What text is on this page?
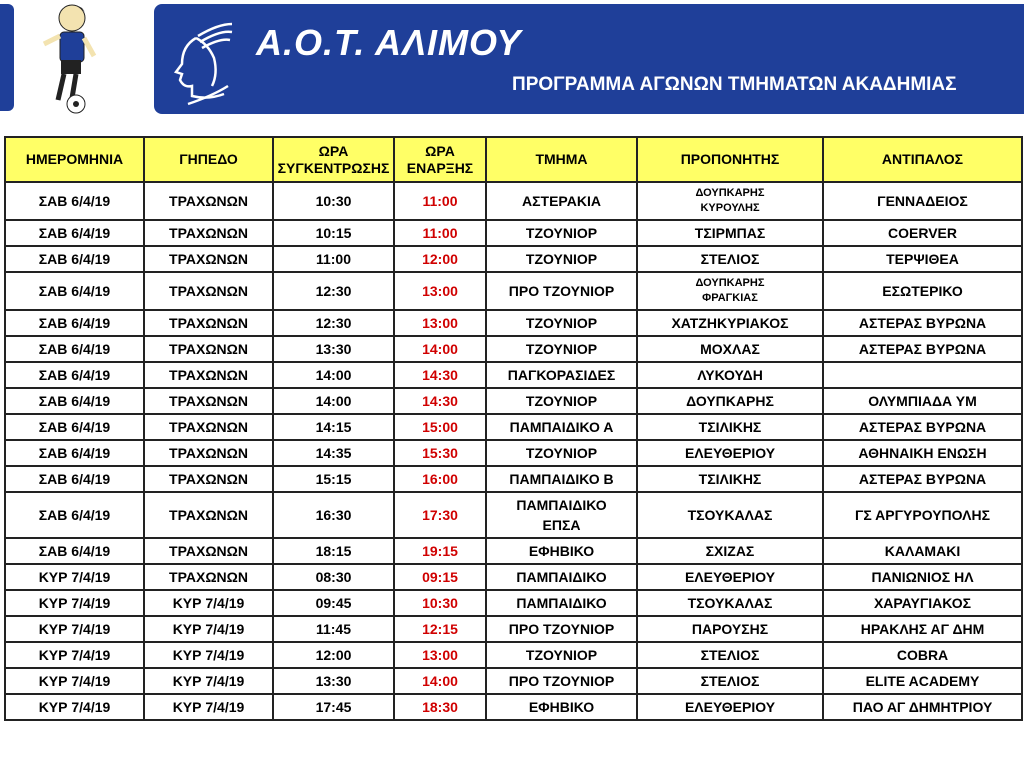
Α.Ο.Τ. ΑΛΙΜΟΥ
ΠΡΟΓΡΑΜΜΑ ΑΓΩΝΩΝ ΤΜΗΜΑΤΩΝ ΑΚΑΔΗΜΙΑΣ
ΗΜΕΡΟΜΗΝΙΑ	ΓΗΠΕΔΟ	ΩΡΑ ΣΥΓΚΕΝΤΡΩΣΗΣ	ΩΡΑ ΕΝΑΡΞΗΣ	ΤΜΗΜΑ	ΠΡΟΠΟΝΗΤΗΣ	ΑΝΤΙΠΑΛΟΣ
ΣΑΒ 6/4/19	ΤΡΑΧΩΝΩΝ	10:30	11:00	ΑΣΤΕΡΑΚΙΑ	ΔΟΥΠΚΑΡΗΣ ΚΥΡΟΥΛΗΣ	ΓΕΝΝΑΔΕΙΟΣ
ΣΑΒ 6/4/19	ΤΡΑΧΩΝΩΝ	10:15	11:00	ΤΖΟΥΝΙΟΡ	ΤΣΙΡΜΠΑΣ	COERVER
ΣΑΒ 6/4/19	ΤΡΑΧΩΝΩΝ	11:00	12:00	ΤΖΟΥΝΙΟΡ	ΣΤΕΛΙΟΣ	ΤΕΡΨΙΘΕΑ
ΣΑΒ 6/4/19	ΤΡΑΧΩΝΩΝ	12:30	13:00	ΠΡΟ ΤΖΟΥΝΙΟΡ	ΔΟΥΠΚΑΡΗΣ ΦΡΑΓΚΙΑΣ	ΕΣΩΤΕΡΙΚΟ
ΣΑΒ 6/4/19	ΤΡΑΧΩΝΩΝ	12:30	13:00	ΤΖΟΥΝΙΟΡ	ΧΑΤΖΗΚΥΡΙΑΚΟΣ	ΑΣΤΕΡΑΣ ΒΥΡΩΝΑ
ΣΑΒ 6/4/19	ΤΡΑΧΩΝΩΝ	13:30	14:00	ΤΖΟΥΝΙΟΡ	ΜΟΧΛΑΣ	ΑΣΤΕΡΑΣ ΒΥΡΩΝΑ
ΣΑΒ 6/4/19	ΤΡΑΧΩΝΩΝ	14:00	14:30	ΠΑΓΚΟΡΑΣΙΔΕΣ	ΛΥΚΟΥΔΗ	
ΣΑΒ 6/4/19	ΤΡΑΧΩΝΩΝ	14:00	14:30	ΤΖΟΥΝΙΟΡ	ΔΟΥΠΚΑΡΗΣ	ΟΛΥΜΠΙΑΔΑ ΥΜ
ΣΑΒ 6/4/19	ΤΡΑΧΩΝΩΝ	14:15	15:00	ΠΑΜΠΑΙΔΙΚΟ Α	ΤΣΙΛΙΚΗΣ	ΑΣΤΕΡΑΣ ΒΥΡΩΝΑ
ΣΑΒ 6/4/19	ΤΡΑΧΩΝΩΝ	14:35	15:30	ΤΖΟΥΝΙΟΡ	ΕΛΕΥΘΕΡΙΟΥ	ΑΘΗΝΑΙΚΗ ΕΝΩΣΗ
ΣΑΒ 6/4/19	ΤΡΑΧΩΝΩΝ	15:15	16:00	ΠΑΜΠΑΙΔΙΚΟ Β	ΤΣΙΛΙΚΗΣ	ΑΣΤΕΡΑΣ ΒΥΡΩΝΑ
ΣΑΒ 6/4/19	ΤΡΑΧΩΝΩΝ	16:30	17:30	ΠΑΜΠΑΙΔΙΚΟ ΕΠΣΑ	ΤΣΟΥΚΑΛΑΣ	ΓΣ ΑΡΓΥΡΟΥΠΟΛΗΣ
ΣΑΒ 6/4/19	ΤΡΑΧΩΝΩΝ	18:15	19:15	ΕΦΗΒΙΚΟ	ΣΧΙΖΑΣ	ΚΑΛΑΜΑΚΙ
ΚΥΡ 7/4/19	ΤΡΑΧΩΝΩΝ	08:30	09:15	ΠΑΜΠΑΙΔΙΚΟ	ΕΛΕΥΘΕΡΙΟΥ	ΠΑΝΙΩΝΙΟΣ ΗΛ
ΚΥΡ 7/4/19	ΚΥΡ 7/4/19	09:45	10:30	ΠΑΜΠΑΙΔΙΚΟ	ΤΣΟΥΚΑΛΑΣ	ΧΑΡΑΥΓΙΑΚΟΣ
ΚΥΡ 7/4/19	ΚΥΡ 7/4/19	11:45	12:15	ΠΡΟ ΤΖΟΥΝΙΟΡ	ΠΑΡΟΥΣΗΣ	ΗΡΑΚΛΗΣ ΑΓ ΔΗΜ
ΚΥΡ 7/4/19	ΚΥΡ 7/4/19	12:00	13:00	ΤΖΟΥΝΙΟΡ	ΣΤΕΛΙΟΣ	COBRA
ΚΥΡ 7/4/19	ΚΥΡ 7/4/19	13:30	14:00	ΠΡΟ ΤΖΟΥΝΙΟΡ	ΣΤΕΛΙΟΣ	ELITE ACADEMY
ΚΥΡ 7/4/19	ΚΥΡ 7/4/19	17:45	18:30	ΕΦΗΒΙΚΟ	ΕΛΕΥΘΕΡΙΟΥ	ΠΑΟ ΑΓ ΔΗΜΗΤΡΙΟΥ
